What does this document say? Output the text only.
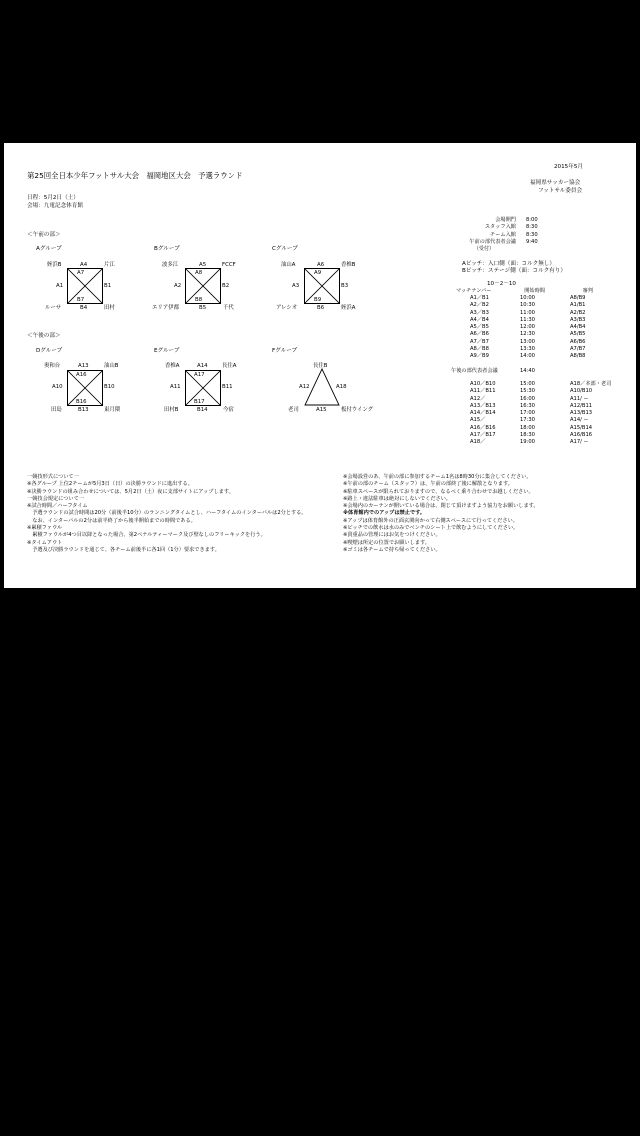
2015年5月
第25回全日本少年フットサル大会　福岡地区大会　予選ラウンド
福岡県サッカー協会
フットサル委員会
日程：5月2日（土）
会場：九電記念体育館
＜午前の部＞
＜午後の部＞
Aグループ
姪浜B	片江
ルーサ	田村
A4
B1
B4
A1
A7
B7
Bグループ
波多江	FCCF
エリア伊都	千代
A5
B2
B5
A2
A8
B8
Cグループ
油山A	香椎B
アレシオ	姪浜A
A6
B3
B6
A3
A9
B9
Dグループ
奥和台	油山B
田島	東月隈
A13
B10
B13
A10
A16
B16
Eグループ
香椎A	長住A
田村B	今宿
A14
B11
B14
A11
A17
B17
Fグループ
長住B
老司	板付ウイング
A12	A18
A15
会場開門 8:00
スタッフ入館 8:30
チーム入館 8:30
午前の部代表者会議 9:40
（受付）
Aピッチ：入口側（面：コルク無し）
Bピッチ：ステージ側（面：コルク有り）
10－2－10
マッチナンバー	開始時間	審判
A1／B1	10:00	A8/B9
A2／B2	10:30	A1/B1
A3／B3	11:00	A2/B2
A4／B4	11:30	A3/B3
A5／B5	12:00	A4/B4
A6／B6	12:30	A5/B5
A7／B7	13:00	A6/B6
A8／B8	13:30	A7/B7
A9／B9	14:00	A8/B8
午後の部代表者会議	14:40
A10／B10	15:00	A18／本部・老司
A11／B11	15:30	A10/B10
A12／	16:00	A11/ ー
A13／B13	16:30	A12/B11
A14／B14	17:00	A13/B13
A15／	17:30	A14/ ー
A16／B16	18:00	A15/B14
A17／B17	18:30	A16/B16
A18／	19:00	A17/ ー
一競技形式について一
※各グループ 上位2チームが5月3日（日）の決勝ラウンドに進出する。
※決勝ラウンドの組み合わせについては、5月2日（土）夜に支部サイトにアップします。
一競技会規定について一
※試合時間／ハーフタイム
　予選ラウンドの試合時間は20分（前後半10分）のランニングタイムとし、ハーフタイムのインターバルは2分とする。
　なお、インターバルの2分は前半終了から後半開始までの時間である。
※累積ファウル
　累積ファウルが4つ目以降となった場合、第2ペナルティーマーク及び壁なしのフリーキックを行う。
※タイムアウト
　予選及び決勝ラウンドを通じて、各チーム前後半に各1回（1分）要求できます。
※会場設営のあ、午前の部に参加するチーム1名は8時30分に集合してください。
※午前の部のチーム（スタッフ）は、午前の部終了後に解散となります。
※駐車スペースが限られておりますので、なるべく乗り合わせでお越しください。
※路上・違法駐車は絶対にしないでください。
※会場内のカーテンが開いている場合は、閉じて頂けますよう協力をお願いします。
※体育館内でのアップは禁止です。
※アップは体育館外の正面玄関向かって右側スペースにて行ってください。
※ピッチでの飲水は水のみでベンチのシート上で飲むようにしてください。
※貴重品の管理にはお気をつけください。
※喫煙は所定の位置でお願いします。
※ゴミは各チームで持ち帰ってください。
